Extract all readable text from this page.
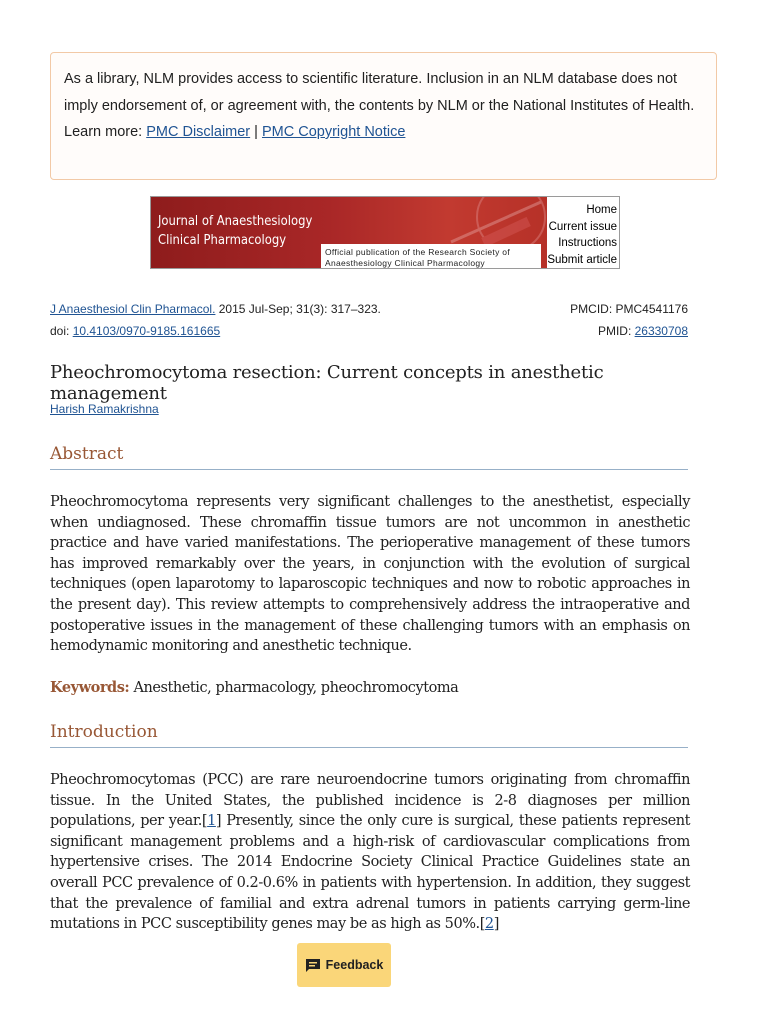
As a library, NLM provides access to scientific literature. Inclusion in an NLM database does not imply endorsement of, or agreement with, the contents by NLM or the National Institutes of Health.
Learn more: PMC Disclaimer | PMC Copyright Notice
Journal of Anaesthesiology
Clinical Pharmacology
Official publication of the Research Society of
Anaesthesiology Clinical Pharmacology
Home
Current issue
Instructions
Submit article
J Anaesthesiol Clin Pharmacol. 2015 Jul-Sep; 31(3): 317–323.
doi: 10.4103/0970-9185.161665
PMCID: PMC4541176
PMID: 26330708
Pheochromocytoma resection: Current concepts in anesthetic management
Harish Ramakrishna
Abstract

Pheochromocytoma represents very significant challenges to the anesthetist, especially when undiagnosed. These chromaffin tissue tumors are not uncommon in anesthetic practice and have varied manifestations. The perioperative management of these tumors has improved remarkably over the years, in conjunction with the evolution of surgical techniques (open laparotomy to laparoscopic techniques and now to robotic approaches in the present day). This review attempts to comprehensively address the intraoperative and postoperative issues in the management of these challenging tumors with an emphasis on hemodynamic monitoring and anesthetic technique.

Keywords: Anesthetic, pharmacology, pheochromocytoma

Introduction

Pheochromocytomas (PCC) are rare neuroendocrine tumors originating from chromaffin tissue. In the United States, the published incidence is 2-8 diagnoses per million populations, per year.[1] Presently, since the only cure is surgical, these patients represent significant management problems and a high-risk of cardiovascular complications from hypertensive crises. The 2014 Endocrine Society Clinical Practice Guidelines state an overall PCC prevalence of 0.2-0.6% in patients with hypertension. In addition, they suggest that the prevalence of familial and extra adrenal tumors in patients carrying germ-line mutations in PCC susceptibility genes may be as high as 50%.[2]

Feedback
